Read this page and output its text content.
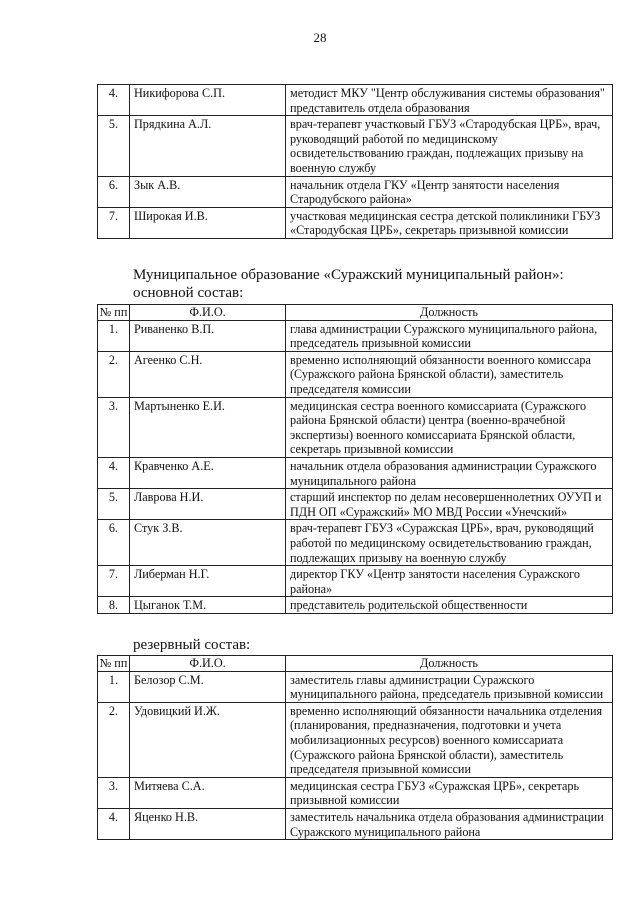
28
4.	Никифорова С.П.	методист МКУ "Центр обслуживания системы образования" представитель отдела образования
5.	Прядкина А.Л.	врач-терапевт участковый ГБУЗ «Стародубская ЦРБ», врач, руководящий работой по медицинскому освидетельствованию граждан, подлежащих призыву на военную службу
6.	Зык А.В.	начальник отдела ГКУ «Центр занятости населения Стародубского района»
7.	Широкая И.В.	участковая медицинская сестра детской поликлиники ГБУЗ «Стародубская ЦРБ», секретарь призывной комиссии
Муниципальное образование «Суражский муниципальный район»:
основной состав:
№ пп	Ф.И.О.	Должность
1.	Риваненко В.П.	глава администрации Суражского муниципального района, председатель призывной комиссии
2.	Агеенко С.Н.	временно исполняющий обязанности военного комиссара (Суражского района Брянской области), заместитель председателя комиссии
3.	Мартыненко Е.И.	медицинская сестра военного комиссариата (Суражского района Брянской области) центра (военно-врачебной экспертизы) военного комиссариата Брянской области, секретарь призывной комиссии
4.	Кравченко А.Е.	начальник отдела образования администрации Суражского муниципального района
5.	Лаврова Н.И.	старший инспектор по делам несовершеннолетних ОУУП и ПДН ОП «Суражский» МО МВД России «Унечский»
6.	Стук З.В.	врач-терапевт ГБУЗ «Суражская ЦРБ», врач, руководящий работой по медицинскому освидетельствованию граждан, подлежащих призыву на военную службу
7.	Либерман Н.Г.	директор ГКУ «Центр занятости населения Суражского района»
8.	Цыганок Т.М.	представитель родительской общественности
резервный состав:
№ пп	Ф.И.О.	Должность
1.	Белозор С.М.	заместитель главы администрации Суражского муниципального района, председатель призывной комиссии
2.	Удовицкий И.Ж.	временно исполняющий обязанности начальника отделения (планирования, предназначения, подготовки и учета мобилизационных ресурсов) военного комиссариата (Суражского района Брянской области), заместитель председателя призывной комиссии
3.	Митяева С.А.	медицинская сестра ГБУЗ «Суражская ЦРБ», секретарь призывной комиссии
4.	Яценко Н.В.	заместитель начальника отдела образования администрации Суражского муниципального района
